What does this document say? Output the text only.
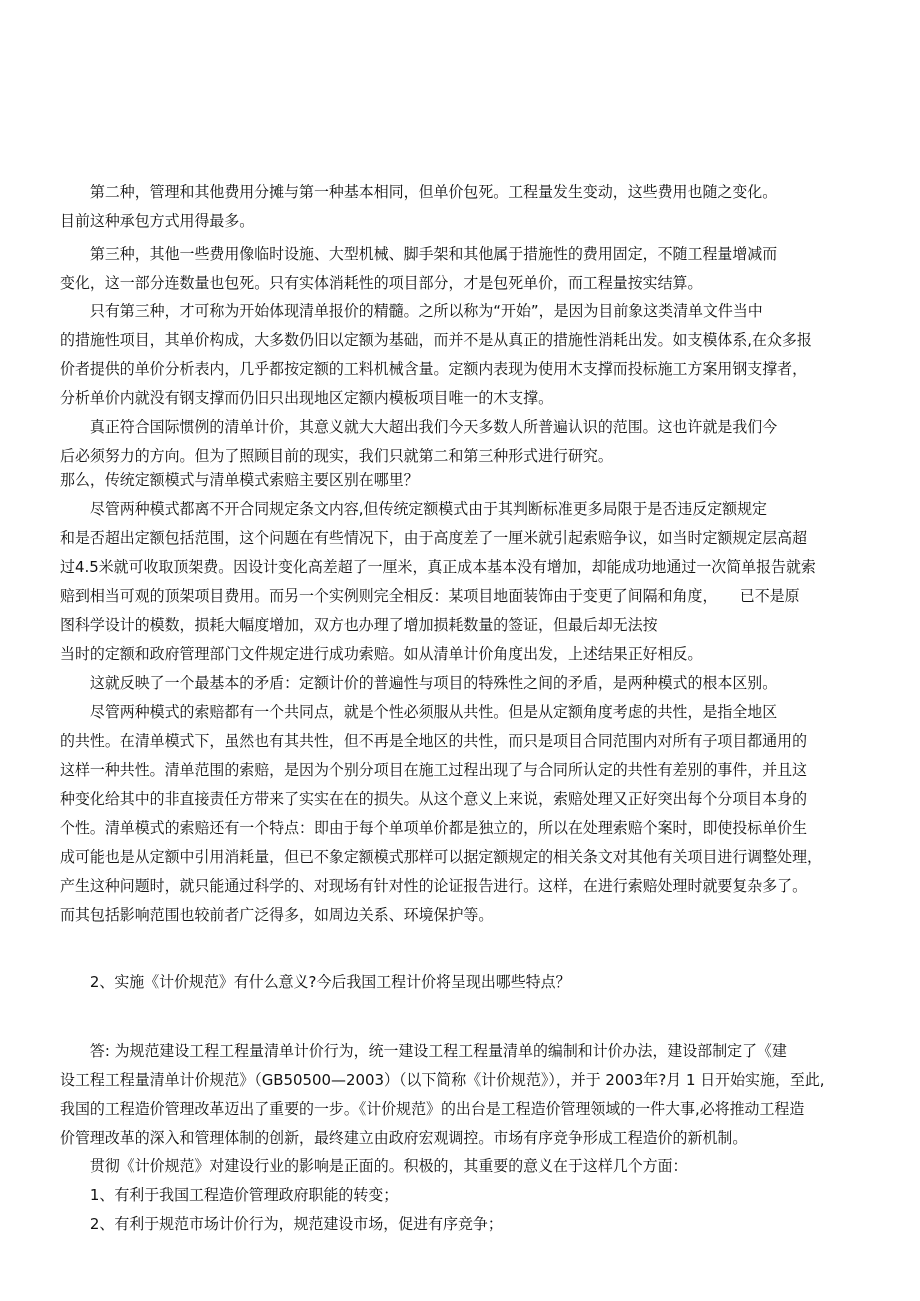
第二种，管理和其他费用分摊与第一种基本相同，但单价包死。工程量发生变动，这些费用也随之变化。

目前这种承包方式用得最多。

第三种，其他一些费用像临时设施、大型机械、脚手架和其他属于措施性的费用固定，不随工程量增减而

变化，这一部分连数量也包死。只有实体消耗性的项目部分，才是包死单价，而工程量按实结算。

只有第三种，才可称为开始体现清单报价的精髓。之所以称为“开始”，是因为目前象这类清单文件当中

的措施性项目，其单价构成，大多数仍旧以定额为基础，而并不是从真正的措施性消耗出发。如支模体系,在众多报

价者提供的单价分析表内，几乎都按定额的工料机械含量。定额内表现为使用木支撑而投标施工方案用钢支撑者，

分析单价内就没有钢支撑而仍旧只出现地区定额内模板项目唯一的木支撑。

真正符合国际惯例的清单计价，其意义就大大超出我们今天多数人所普遍认识的范围。这也许就是我们今

后必须努力的方向。但为了照顾目前的现实，我们只就第二和第三种形式进行研究。

那么，传统定额模式与清单模式索赔主要区别在哪里？

尽管两种模式都离不开合同规定条文内容,但传统定额模式由于其判断标准更多局限于是否违反定额规定

和是否超出定额包括范围，这个问题在有些情况下，由于高度差了一厘米就引起索赔争议，如当时定额规定层高超

过4.5米就可收取顶架费。因设计变化高差超了一厘米，真正成本基本没有增加，却能成功地通过一次简单报告就索

赔到相当可观的顶架项目费用。而另一个实例则完全相反：某项目地面装饰由于变更了间隔和角度，　　已不是原

图科学设计的模数，损耗大幅度增加，双方也办理了增加损耗数量的签证，但最后却无法按

当时的定额和政府管理部门文件规定进行成功索赔。如从清单计价角度出发，上述结果正好相反。

这就反映了一个最基本的矛盾：定额计价的普遍性与项目的特殊性之间的矛盾，是两种模式的根本区别。

尽管两种模式的索赔都有一个共同点，就是个性必须服从共性。但是从定额角度考虑的共性，是指全地区

的共性。在清单模式下，虽然也有其共性，但不再是全地区的共性，而只是项目合同范围内对所有子项目都通用的

这样一种共性。清单范围的索赔，是因为个别分项目在施工过程出现了与合同所认定的共性有差别的事件，并且这

种变化给其中的非直接责任方带来了实实在在的损失。从这个意义上来说，索赔处理又正好突出每个分项目本身的

个性。清单模式的索赔还有一个特点：即由于每个单项单价都是独立的，所以在处理索赔个案时，即使投标单价生

成可能也是从定额中引用消耗量，但已不象定额模式那样可以据定额规定的相关条文对其他有关项目进行调整处理，

产生这种问题时，就只能通过科学的、对现场有针对性的论证报告进行。这样，在进行索赔处理时就要复杂多了。

而其包括影响范围也较前者广泛得多，如周边关系、环境保护等。

2、实施《计价规范》有什么意义?今后我国工程计价将呈现出哪些特点？

答: 为规范建设工程工程量清单计价行为，统一建设工程工程量清单的编制和计价办法，建设部制定了《建

设工程工程量清单计价规范》（GB50500—2003）（以下简称《计价规范》），并于 2003年?月 1 日开始实施，至此,

我国的工程造价管理改革迈出了重要的一步。《计价规范》的出台是工程造价管理领域的一件大事,必将推动工程造

价管理改革的深入和管理体制的创新，最终建立由政府宏观调控。市场有序竞争形成工程造价的新机制。

贯彻《计价规范》对建设行业的影响是正面的。积极的，其重要的意义在于这样几个方面：

1、有利于我国工程造价管理政府职能的转变；

2、有利于规范市场计价行为，规范建设市场，促进有序竞争；
